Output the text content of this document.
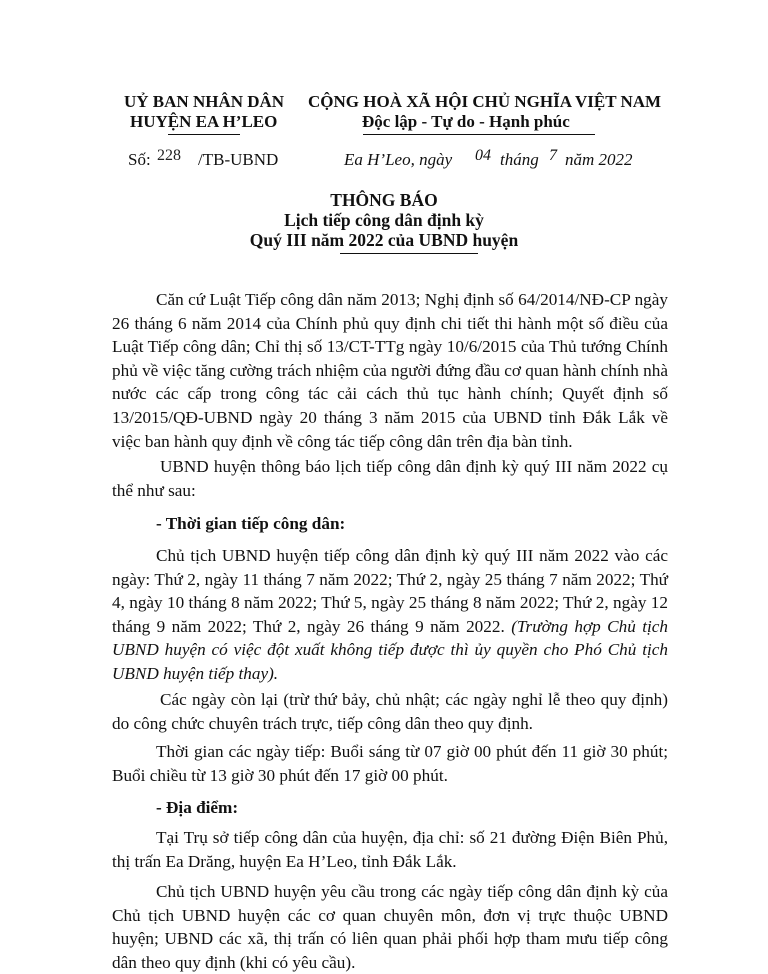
UỶ BAN NHÂN DÂN
HUYỆN EA H’LEO
CỘNG HOÀ XÃ HỘI CHỦ NGHĨA VIỆT NAM
Độc lập - Tự do - Hạnh phúc
Số: 228 /TB-UBND	Ea H’Leo, ngày 04 tháng 7 năm 2022
THÔNG BÁO
Lịch tiếp công dân định kỳ
Quý III năm 2022 của UBND huyện

Căn cứ Luật Tiếp công dân năm 2013; Nghị định số 64/2014/NĐ-CP ngày 26 tháng 6 năm 2014 của Chính phủ quy định chi tiết thi hành một số điều của Luật Tiếp công dân; Chỉ thị số 13/CT-TTg ngày 10/6/2015 của Thủ tướng Chính phủ về việc tăng cường trách nhiệm của người đứng đầu cơ quan hành chính nhà nước các cấp trong công tác cải cách thủ tục hành chính; Quyết định số 13/2015/QĐ-UBND ngày 20 tháng 3 năm 2015 của UBND tỉnh Đắk Lắk về việc ban hành quy định về công tác tiếp công dân trên địa bàn tỉnh.

UBND huyện thông báo lịch tiếp công dân định kỳ quý III năm 2022 cụ thể như sau:

- Thời gian tiếp công dân:

Chủ tịch UBND huyện tiếp công dân định kỳ quý III năm 2022 vào các ngày: Thứ 2, ngày 11 tháng 7 năm 2022; Thứ 2, ngày 25 tháng 7 năm 2022; Thứ 4, ngày 10 tháng 8 năm 2022; Thứ 5, ngày 25 tháng 8 năm 2022; Thứ 2, ngày 12 tháng 9 năm 2022; Thứ 2, ngày 26 tháng 9 năm 2022. (Trường hợp Chủ tịch UBND huyện có việc đột xuất không tiếp được thì ủy quyền cho Phó Chủ tịch UBND huyện tiếp thay).

Các ngày còn lại (trừ thứ bảy, chủ nhật; các ngày nghỉ lễ theo quy định) do công chức chuyên trách trực, tiếp công dân theo quy định.

Thời gian các ngày tiếp: Buổi sáng từ 07 giờ 00 phút đến 11 giờ 30 phút; Buổi chiều từ 13 giờ 30 phút đến 17 giờ 00 phút.

- Địa điểm:

Tại Trụ sở tiếp công dân của huyện, địa chỉ: số 21 đường Điện Biên Phủ, thị trấn Ea Drăng, huyện Ea H’Leo, tỉnh Đắk Lắk.

Chủ tịch UBND huyện yêu cầu trong các ngày tiếp công dân định kỳ của Chủ tịch UBND huyện các cơ quan chuyên môn, đơn vị trực thuộc UBND huyện; UBND các xã, thị trấn có liên quan phải phối hợp tham mưu tiếp công dân theo quy định (khi có yêu cầu).
